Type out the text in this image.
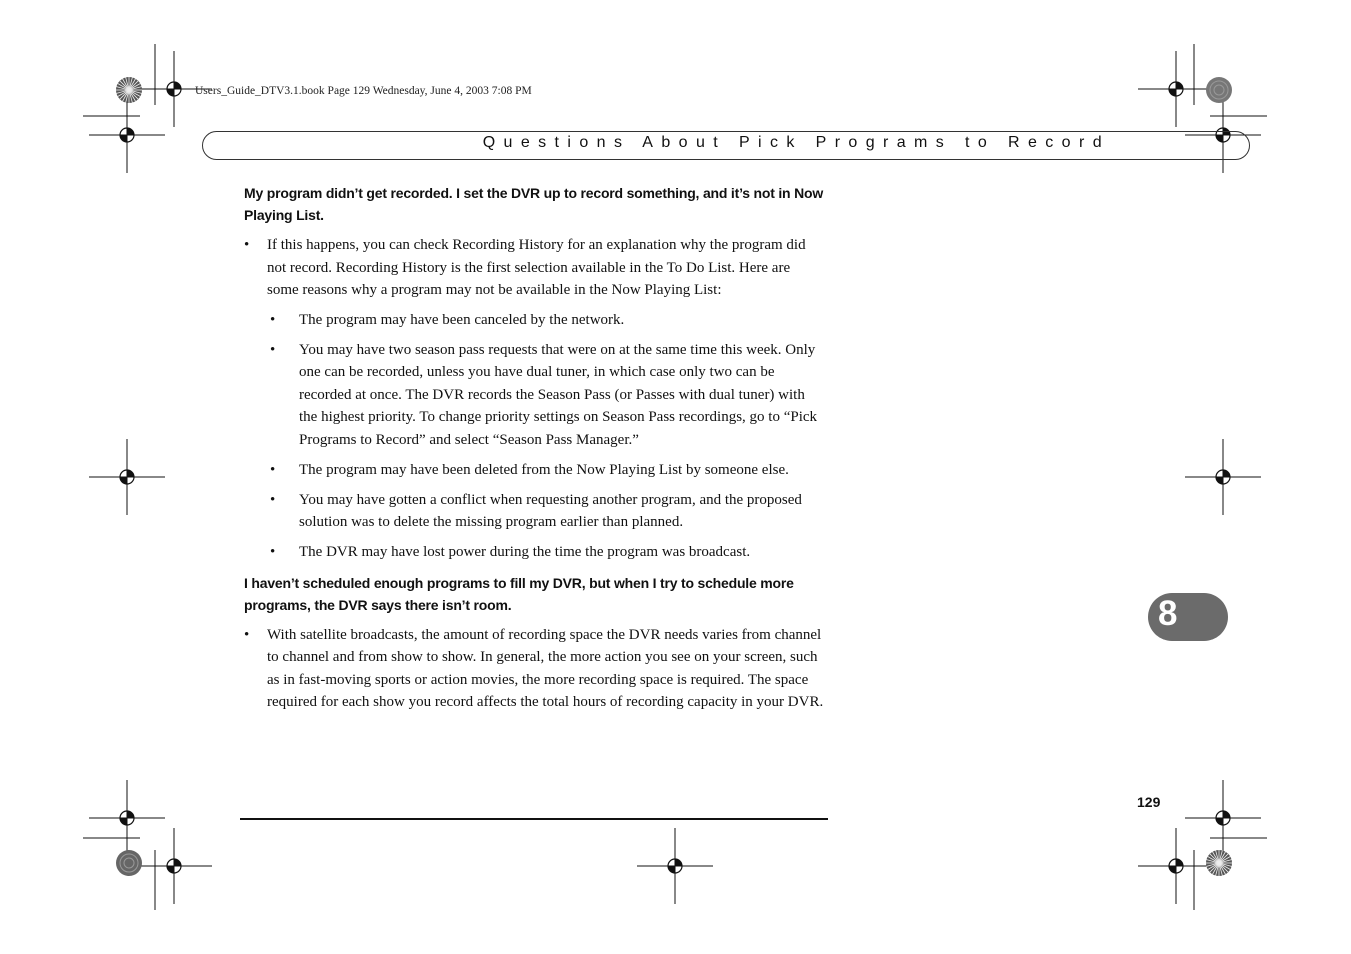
Users_Guide_DTV3.1.book Page 129 Wednesday, June 4, 2003 7:08 PM
Questions About Pick Programs to Record

My program didn’t get recorded. I set the DVR up to record something, and it’s not in Now Playing List.

• If this happens, you can check Recording History for an explanation why the program did not record. Recording History is the first selection available in the To Do List. Here are some reasons why a program may not be available in the Now Playing List:
• The program may have been canceled by the network.
• You may have two season pass requests that were on at the same time this week. Only one can be recorded, unless you have dual tuner, in which case only two can be recorded at once. The DVR records the Season Pass (or Passes with dual tuner) with the highest priority. To change priority settings on Season Pass recordings, go to “Pick Programs to Record” and select “Season Pass Manager.”
• The program may have been deleted from the Now Playing List by someone else.
• You may have gotten a conflict when requesting another program, and the proposed solution was to delete the missing program earlier than planned.
• The DVR may have lost power during the time the program was broadcast.

I haven’t scheduled enough programs to fill my DVR, but when I try to schedule more programs, the DVR says there isn’t room.

• With satellite broadcasts, the amount of recording space the DVR needs varies from channel to channel and from show to show. In general, the more action you see on your screen, such as in fast-moving sports or action movies, the more recording space is required. The space required for each show you record affects the total hours of recording capacity in your DVR.
8
129
